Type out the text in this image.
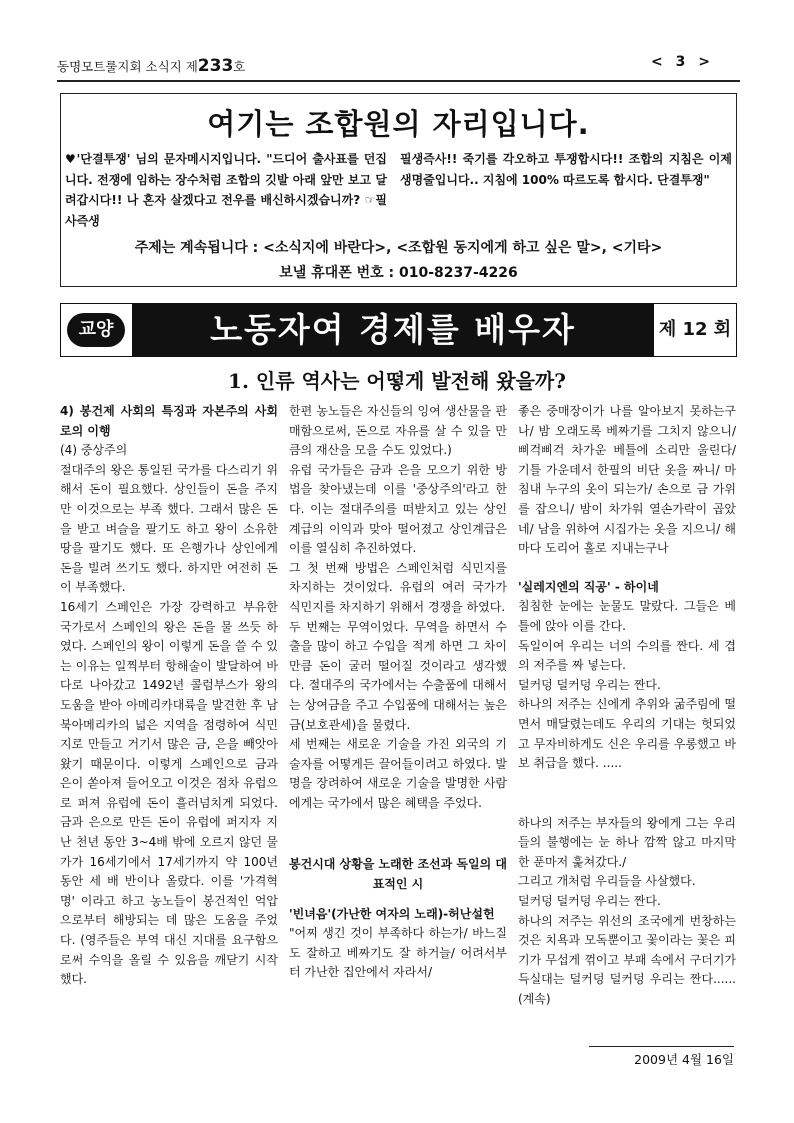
동명모트룰지회 소식지 제233호	< 3 >
여기는 조합원의 자리입니다.
♥'단결투쟁' 님의 문자메시지입니다. "드디어 출사표를 던집니다. 전쟁에 임하는 장수처럼 조합의 깃발 아래 앞만 보고 달려갑시다!! 나 혼자 살겠다고 전우를 배신하시겠습니까? ☞필사즉생
필생즉사!! 죽기를 각오하고 투쟁합시다!! 조합의 지침은 이제 생명줄입니다.. 지침에 100% 따르도록 합시다. 단결투쟁"
주제는 계속됩니다 : <소식지에 바란다>, <조합원 동지에게 하고 싶은 말>, <기타>
보낼 휴대폰 번호 : 010-8237-4226
교양	노동자여 경제를 배우자	제 12 회
1. 인류 역사는 어떻게 발전해 왔을까?

4) 봉건제 사회의 특징과 자본주의 사회로의 이행

(4) 중상주의

절대주의 왕은 통일된 국가를 다스리기 위해서 돈이 필요했다. 상인들이 돈을 주지만 이것으로는 부족 했다. 그래서 많은 돈을 받고 벼슬을 팔기도 하고 왕이 소유한 땅을 팔기도 했다. 또 은행가나 상인에게 돈을 빌려 쓰기도 했다. 하지만 여전히 돈이 부족했다.

16세기 스페인은 가장 강력하고 부유한 국가로서 스페인의 왕은 돈을 물 쓰듯 하였다. 스페인의 왕이 이렇게 돈을 쓸 수 있는 이유는 일찍부터 항해술이 발달하여 바다로 나아갔고 1492년 콜럼부스가 왕의 도움을 받아 아메리카대륙을 발견한 후 남북아메리카의 넓은 지역을 점령하여 식민지로 만들고 거기서 많은 금, 은을 빼앗아왔기 때문이다. 이렇게 스페인으로 금과 은이 쏟아져 들어오고 이것은 점차 유럽으로 퍼져 유럽에 돈이 흘러넘치게 되었다. 금과 은으로 만든 돈이 유럽에 퍼지자 지난 천년 동안 3~4배 밖에 오르지 않던 물가가 16세기에서 17세기까지 약 100년 동안 세 배 반이나 올랐다. 이를 '가격혁명' 이라고 하고 농노들이 봉건적인 억압으로부터 해방되는 데 많은 도움을 주었다. (영주들은 부역 대신 지대를 요구함으로써 수익을 올릴 수 있음을 깨닫기 시작했다.

한편 농노들은 자신들의 잉여 생산물을 판매함으로써, 돈으로 자유를 살 수 있을 만큼의 재산을 모을 수도 있었다.)

유럽 국가들은 금과 은을 모으기 위한 방법을 찾아냈는데 이를 '중상주의'라고 한다. 이는 절대주의를 떠받치고 있는 상인 계급의 이익과 맞아 떨어졌고 상인계급은 이를 열심히 추진하였다.

그 첫 번째 방법은 스페인처럼 식민지를 차지하는 것이었다. 유럽의 여러 국가가 식민지를 차지하기 위해서 경쟁을 하였다.

두 번째는 무역이었다. 무역을 하면서 수출을 많이 하고 수입을 적게 하면 그 차이만큼 돈이 굴러 떨어질 것이라고 생각했다. 절대주의 국가에서는 수출품에 대해서는 상여금을 주고 수입품에 대해서는 높은 금(보호관세)을 물렸다.

세 번째는 새로운 기술을 가진 외국의 기술자를 어떻게든 끌어들이려고 하였다. 발명을 장려하여 새로운 기술을 발명한 사람에게는 국가에서 많은 혜택을 주었다.

봉건시대 상황을 노래한 조선과 독일의 대표적인 시

'빈녀음'(가난한 여자의 노래)-허난설헌

"어찌 생긴 것이 부족하다 하는가/ 바느질도 잘하고 베짜기도 잘 하거늘/ 어려서부터 가난한 집안에서 자라서/

좋은 중매장이가 나를 알아보지 못하는구나/ 밤 오래도록 베짜기를 그치지 않으니/ 삐걱삐걱 차가운 베틀에 소리만 울린다/ 기틀 가운데서 한필의 비단 옷을 짜니/ 마침내 누구의 옷이 되는가/ 손으로 금 가위를 잡으니/ 밤이 차가워 열손가락이 곱았네/ 남을 위하여 시집가는 옷을 지으니/ 해마다 도리어 홀로 지내는구나

'실레지엔의 직공' - 하이네

침침한 눈에는 눈물도 말랐다. 그들은 베틀에 앉아 이를 간다.

독일이여 우리는 너의 수의를 짠다. 세 겹의 저주를 짜 넣는다.

덜커덩 덜커덩 우리는 짠다.

하나의 저주는 신에게 추위와 굶주림에 떨면서 매달렸는데도 우리의 기대는 헛되었고 무자비하게도 신은 우리를 우롱했고 바보 취급을 했다. .....

하나의 저주는 부자들의 왕에게 그는 우리들의 불행에는 눈 하나 깜짝 않고 마지막 한 푼마저 훑쳐갔다./

그리고 개처럼 우리들을 사살했다.

덜커덩 덜커덩 우리는 짠다.

하나의 저주는 위선의 조국에게 번창하는 것은 치욕과 모독뿐이고 꽃이라는 꽃은 피기가 무섭게 꺾이고 부패 속에서 구더기가 득실대는 덜커덩 덜커덩 우리는 짠다......(계속)

2009년 4월 16일
